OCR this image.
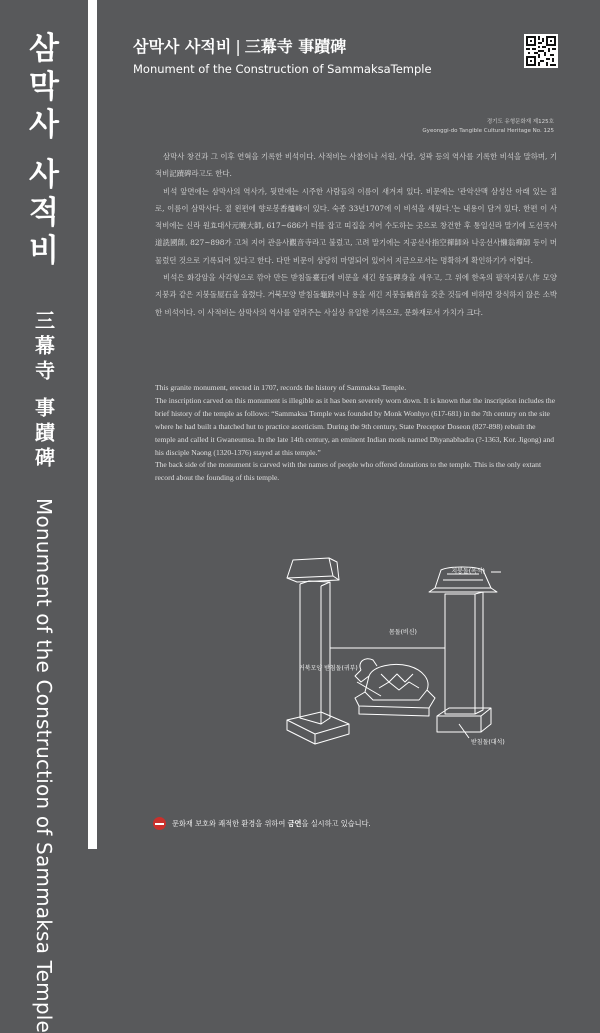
삼막사
사적비
三幕寺 事蹟碑
Monument of the Construction of Sammaksa Temple
삼막사 사적비 | 三幕寺 事蹟碑
Monument of the Construction of SammaksaTemple
경기도 유형문화재 제125호
Gyeonggi-do Tangible Cultural Heritage No. 125

삼막사 창건과 그 이후 연혁을 기록한 비석이다. 사적비는 사찰이나 서원, 사당, 성곽 등의 역사를 기록한 비석을 말하며, 기적비記蹟碑라고도 한다.

비석 앞면에는 삼막사의 역사가, 뒷면에는 시주한 사람들의 이름이 새겨져 있다. 비문에는 '관악산맥 삼성산 아래 있는 절로, 이름이 삼막사다. 절 왼편에 향로봉香爐峰이 있다. 숙종 33년1707에 이 비석을 세웠다.'는 내용이 담겨 있다. 한편 이 사적비에는 신라 원효대사元曉大師, 617~686가 터를 잡고 띠집을 지어 수도하는 곳으로 창건한 후 통일신라 말기에 도선국사道詵國師, 827~898가 고쳐 지어 관음사觀音寺라고 불렀고, 고려 말기에는 지공선사指空禪師와 나옹선사懶翁禪師 등이 머물렀던 것으로 기록되어 있다고 한다. 다만 비문이 상당히 마멸되어 있어서 지금으로서는 명확하게 확인하기가 어렵다.

비석은 화강암을 사각형으로 깎아 만든 받침돌臺石에 비문을 새긴 몸돌碑身을 세우고, 그 위에 한옥의 팔작지붕八作 모양 지붕과 같은 지붕돌屋石을 올렸다. 거북모양 받침돌龜趺이나 용을 새긴 지붕돌螭首을 갖춘 것들에 비하면 장식하지 않은 소박한 비석이다. 이 사적비는 삼막사의 역사를 알려주는 사실상 유일한 기록으로, 문화재로서 가치가 크다.

This granite monument, erected in 1707, records the history of Sammaksa Temple.

The inscription carved on this monument is illegible as it has been severely worn down. It is known that the inscription includes the brief history of the temple as follows: “Sammaksa Temple was founded by Monk Wonhyo (617-681) in the 7th century on the site where he had built a thatched hut to practice asceticism. During the 9th century, State Preceptor Doseon (827-898) rebuilt the temple and called it Gwaneumsa. In the late 14th century, an eminent Indian monk named Dhyanabhadra (?-1363, Kor. Jigong) and his disciple Naong (1320-1376) stayed at this temple.”

The back side of the monument is carved with the names of people who offered donations to the temple. This is the only extant record about the founding of this temple.

지붕돌(옥석)
몸돌(비신)
거북모양 받침돌(귀부)
받침돌(대석)
문화재 보호와 쾌적한 환경을 위하여 금연을 실시하고 있습니다.
